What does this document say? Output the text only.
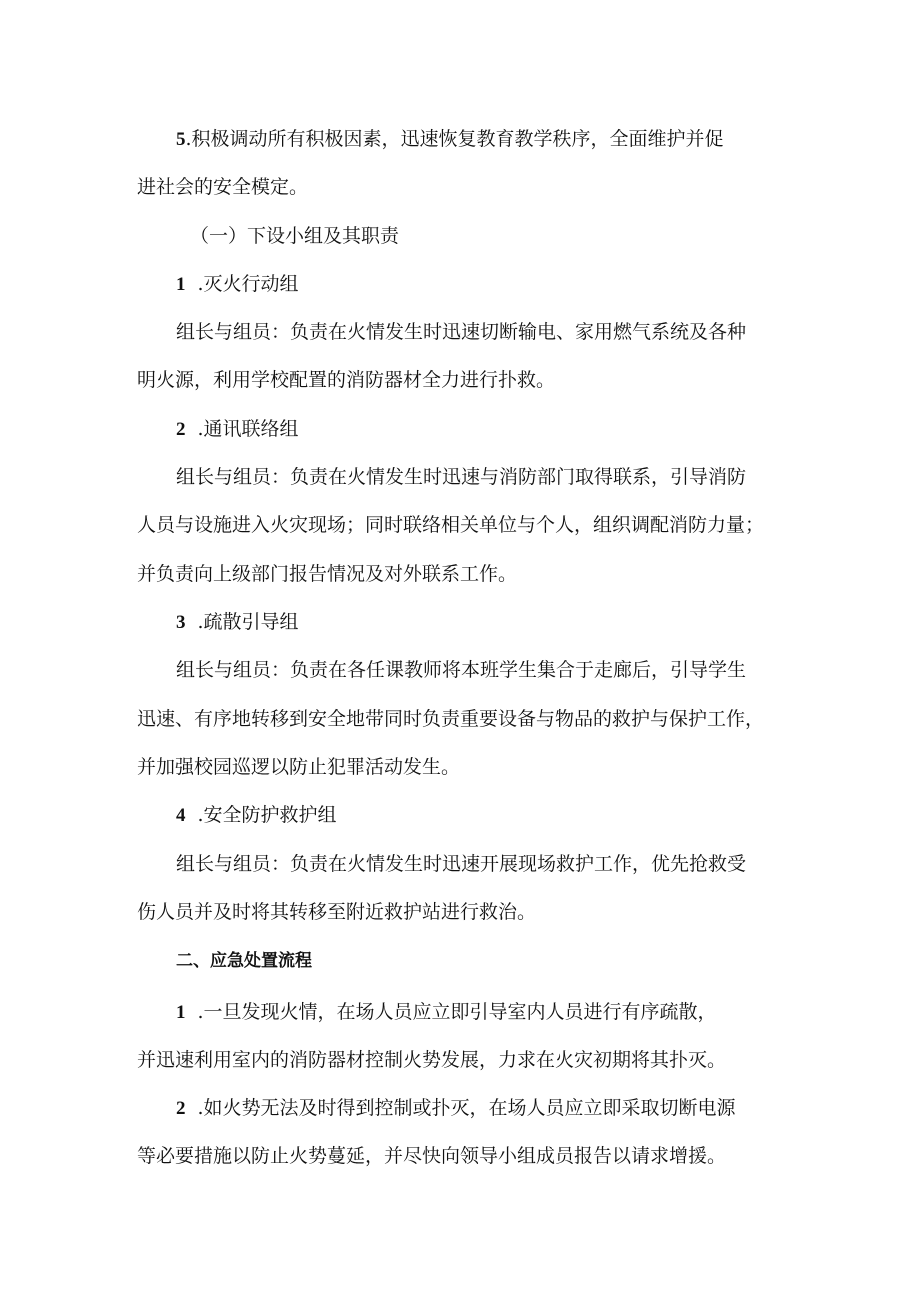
5.积极调动所有积极因素，迅速恢复教育教学秩序，全面维护并促
进社会的安全模定。
（一）下设小组及其职责
1 .灭火行动组
组长与组员：负责在火情发生时迅速切断输电、家用燃气系统及各种
明火源，利用学校配置的消防器材全力进行扑救。
2 .通讯联络组
组长与组员：负责在火情发生时迅速与消防部门取得联系，引导消防
人员与设施进入火灾现场；同时联络相关单位与个人，组织调配消防力量；
并负责向上级部门报告情况及对外联系工作。
3 .疏散引导组
组长与组员：负责在各任课教师将本班学生集合于走廊后，引导学生
迅速、有序地转移到安全地带同时负责重要设备与物品的救护与保护工作，
并加强校园巡逻以防止犯罪活动发生。
4 .安全防护救护组
组长与组员：负责在火情发生时迅速开展现场救护工作，优先抢救受
伤人员并及时将其转移至附近救护站进行救治。
二、应急处置流程
1 .一旦发现火情，在场人员应立即引导室内人员进行有序疏散，
并迅速利用室内的消防器材控制火势发展，力求在火灾初期将其扑灭。
2 .如火势无法及时得到控制或扑灭，在场人员应立即采取切断电源
等必要措施以防止火势蔓延，并尽快向领导小组成员报告以请求增援。
